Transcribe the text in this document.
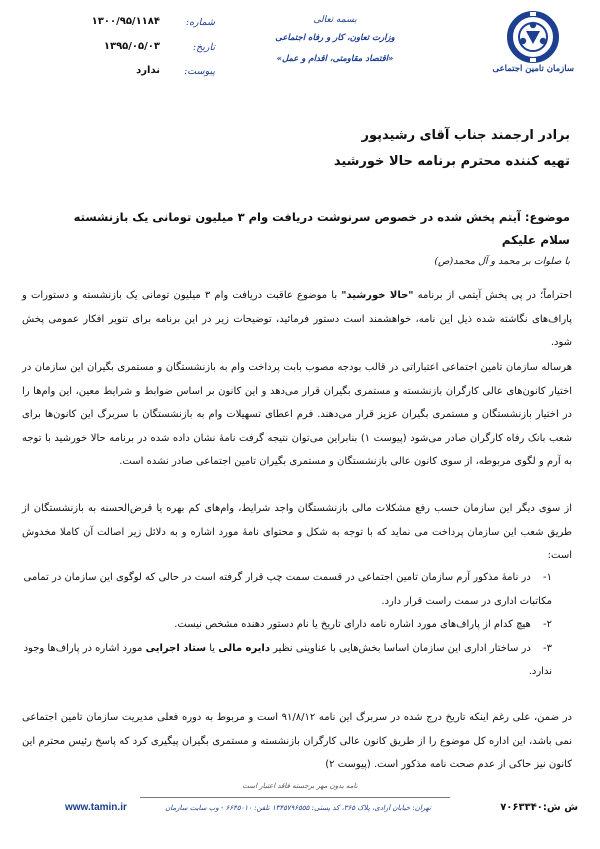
سازمان تامین اجتماعی
بسمه تعالی
وزارت تعاون، کار و رفاه اجتماعی
«اقتصاد مقاومتی، اقدام و عمل»
شماره:
۱۳۰۰/۹۵/۱۱۸۴
تاریخ:
۱۳۹۵/۰۵/۰۳
پیوست:
ندارد
برادر ارجمند جناب آقای رشیدپور
تهیه کننده محترم برنامه حالا خورشید
موضوع: آیتم پخش شده در خصوص سرنوشت دریافت وام ۳ میلیون تومانی یک بازنشسته
سلام علیکم
با صلوات بر محمد و آل محمد(ص)
احتراماً؛ در پی پخش آیتمی از برنامه "حالا خورشید" با موضوع عاقبت دریافت وام ۳ میلیون تومانی یک بازنشسته و دستورات و پاراف‌های نگاشته شده ذیل این نامه، خواهشمند است دستور فرمائید، توضیحات زیر در این برنامه برای تنویر افکار عمومی پخش شود.
هرساله سازمان تامین اجتماعی اعتباراتی در قالب بودجه مصوب بابت پرداخت وام به بازنشستگان و مستمری بگیران این سازمان در اختیار کانون‌های عالی کارگران بازنشسته و مستمری بگیران قرار می‌دهد و این کانون بر اساس ضوابط و شرایط معین، این وام‌ها را در اختیار بازنشستگان و مستمری بگیران عزیز قرار می‌دهند. فرم اعطای تسهیلات وام به بازنشستگان با سربرگ این کانون‌ها برای شعب بانک رفاه کارگران صادر می‌شود (پیوست ۱) بنابراین می‌توان نتیجه گرفت نامهٔ نشان داده شده در برنامه حالا خورشید با توجه به آرم و لگوی مربوطه، از سوی کانون عالی بازنشستگان و مستمری بگیران تامین اجتماعی صادر نشده است.
از سوی دیگر این سازمان حسب رفع مشکلات مالی بازنشستگان واجد شرایط، وام‌های کم بهره یا قرض‌الحسنه به بازنشستگان از طریق شعب این سازمان پرداخت می نماید که با توجه به شکل و محتوای نامهٔ مورد اشاره و به دلائل زیر اصالت آن کاملا مخدوش است:
۱- در نامهٔ مذکور آرم سازمان تامین اجتماعی در قسمت سمت چپ قرار گرفته است در حالی که لوگوی این سازمان در تمامی مکاتبات اداری در سمت راست قرار دارد.
۲- هیچ کدام از پاراف‌های مورد اشاره نامه دارای تاریخ یا نام دستور دهنده مشخص نیست.
۳- در ساختار اداری این سازمان اساسا بخش‌هایی با عناوینی نظیر دایره مالی یا ستاد اجرایی مورد اشاره در پاراف‌ها وجود ندارد.
در ضمن، علی رغم اینکه تاریخ درج شده در سربرگ این نامه ۹۱/۸/۱۲ است و مربوط به دوره فعلی مدیریت سازمان تامین اجتماعی نمی باشد، این اداره کل موضوع را از طریق کانون عالی کارگران بازنشسته و مستمری بگیران پیگیری کرد که پاسخ رئیس محترم این کانون نیز حاکی از عدم صحت نامه مذکور است. (پیوست ۲)
نامه بدون مهر برجسته فاقد اعتبار است
تهران: خیابان آزادی، پلاک ۳۶۵، کد پستی: ۱۳۴۵۷۹۶۵۵۵ تلفن: ۶۶۴۵۰۱۰ - وب سایت سازمان
www.tamin.ir	ش ش:۷۰۶۳۳۴۰
